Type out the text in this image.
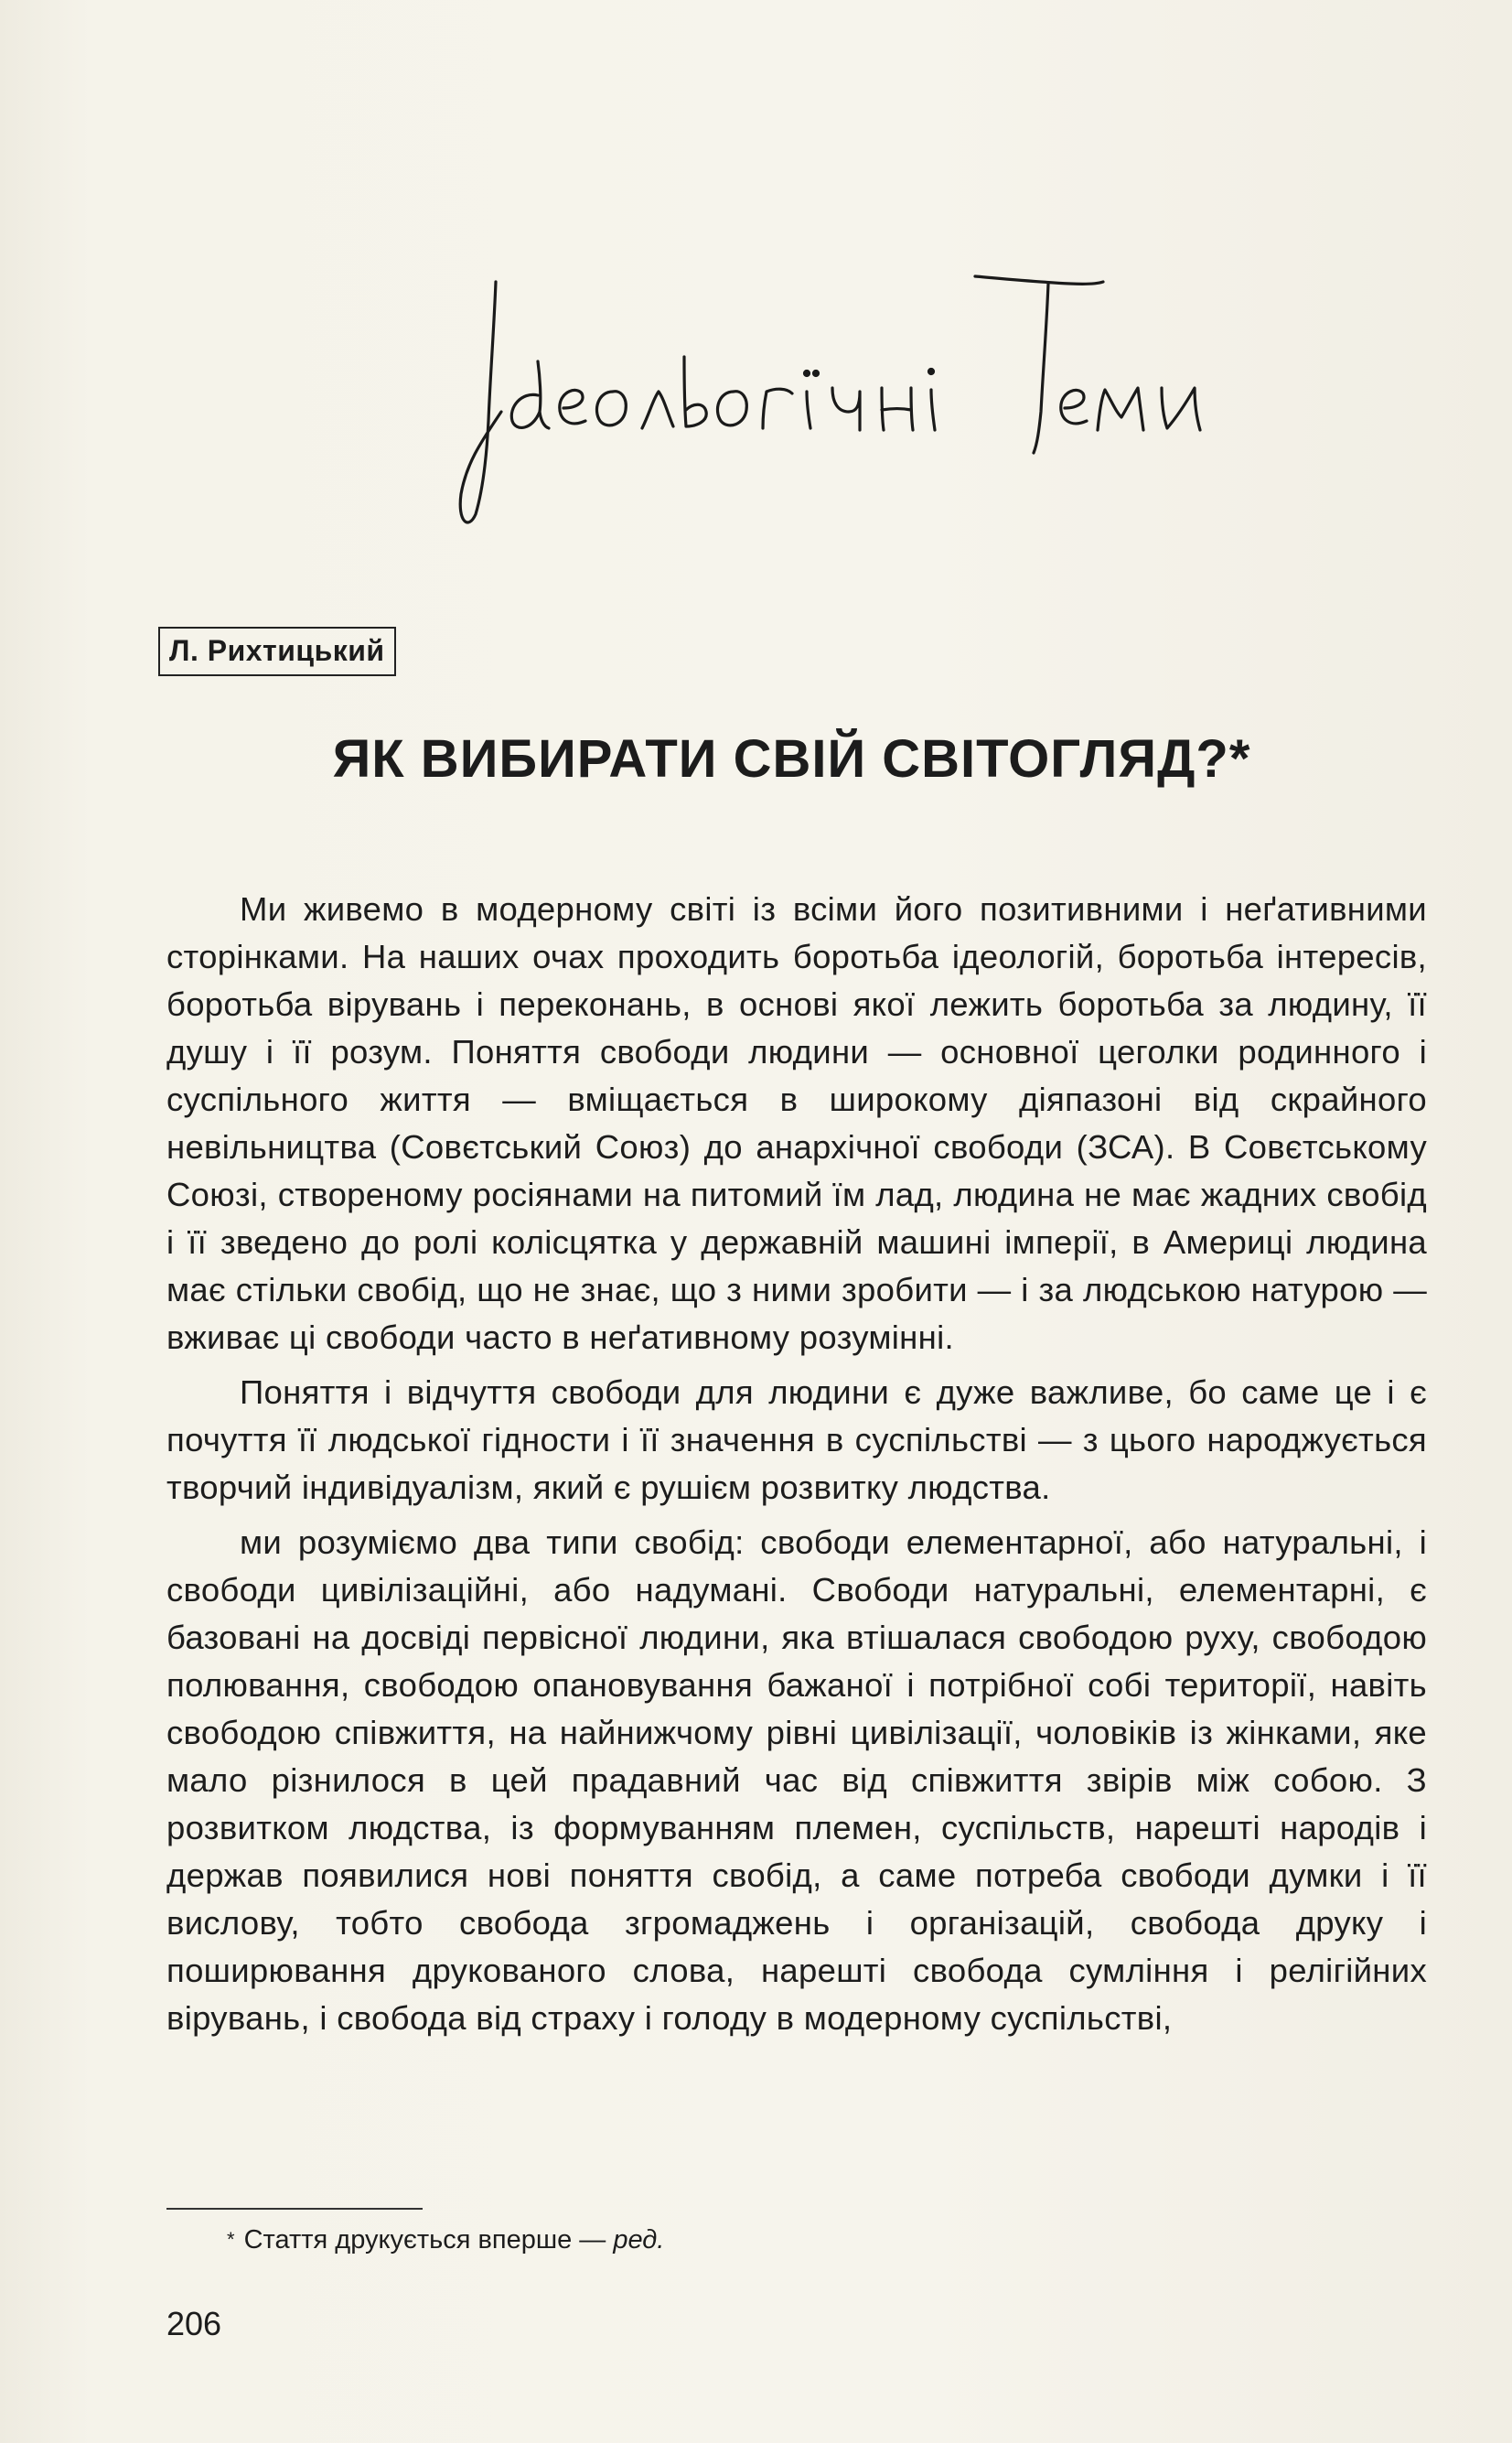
Л. Рихтицький
ЯК ВИБИРАТИ СВІЙ СВІТОГЛЯД?*

Ми живемо в модерному світі із всіми його позитивними і неґативними сторінками. На наших очах проходить боротьба ідеологій, боротьба інтересів, боротьба вірувань і переконань, в основі якої лежить боротьба за людину, її душу і її розум. Поняття свободи людини — основної цеголки родинного і суспільного життя — вміщається в широкому діяпазоні від скрайного невільництва (Совєтський Союз) до анархічної свободи (ЗСА). В Совєтському Союзі, створеному росіянами на питомий їм лад, людина не має жадних свобід і її зведено до ролі колісцятка у державній машині імперії, в Америці людина має стільки свобід, що не знає, що з ними зробити — і за людською натурою — вживає ці свободи часто в неґативному розумінні.

Поняття і відчуття свободи для людини є дуже важливе, бо саме це і є почуття її людської гідности і її значення в суспільстві — з цього народжується творчий індивідуалізм, який є рушієм розвитку людства.

ми розуміємо два типи свобід: свободи елементарної, або натуральні, і свободи цивілізаційні, або надумані. Свободи натуральні, елементарні, є базовані на досвіді первісної людини, яка втішалася свободою руху, свободою полювання, свободою опановування бажаної і потрібної собі території, навіть свободою співжиття, на найнижчому рівні цивілізації, чоловіків із жінками, яке мало різнилося в цей прадавний час від співжиття звірів між собою. З розвитком людства, із формуванням племен, суспільств, нарешті народів і держав появилися нові поняття свобід, а саме потреба свободи думки і її вислову, тобто свобода згромаджень і організацій, свобода друку і поширювання друкованого слова, нарешті свобода сумління і релігійних вірувань, і свобода від страху і голоду в модерному суспільстві,

* Стаття друкується вперше — ред.
206
